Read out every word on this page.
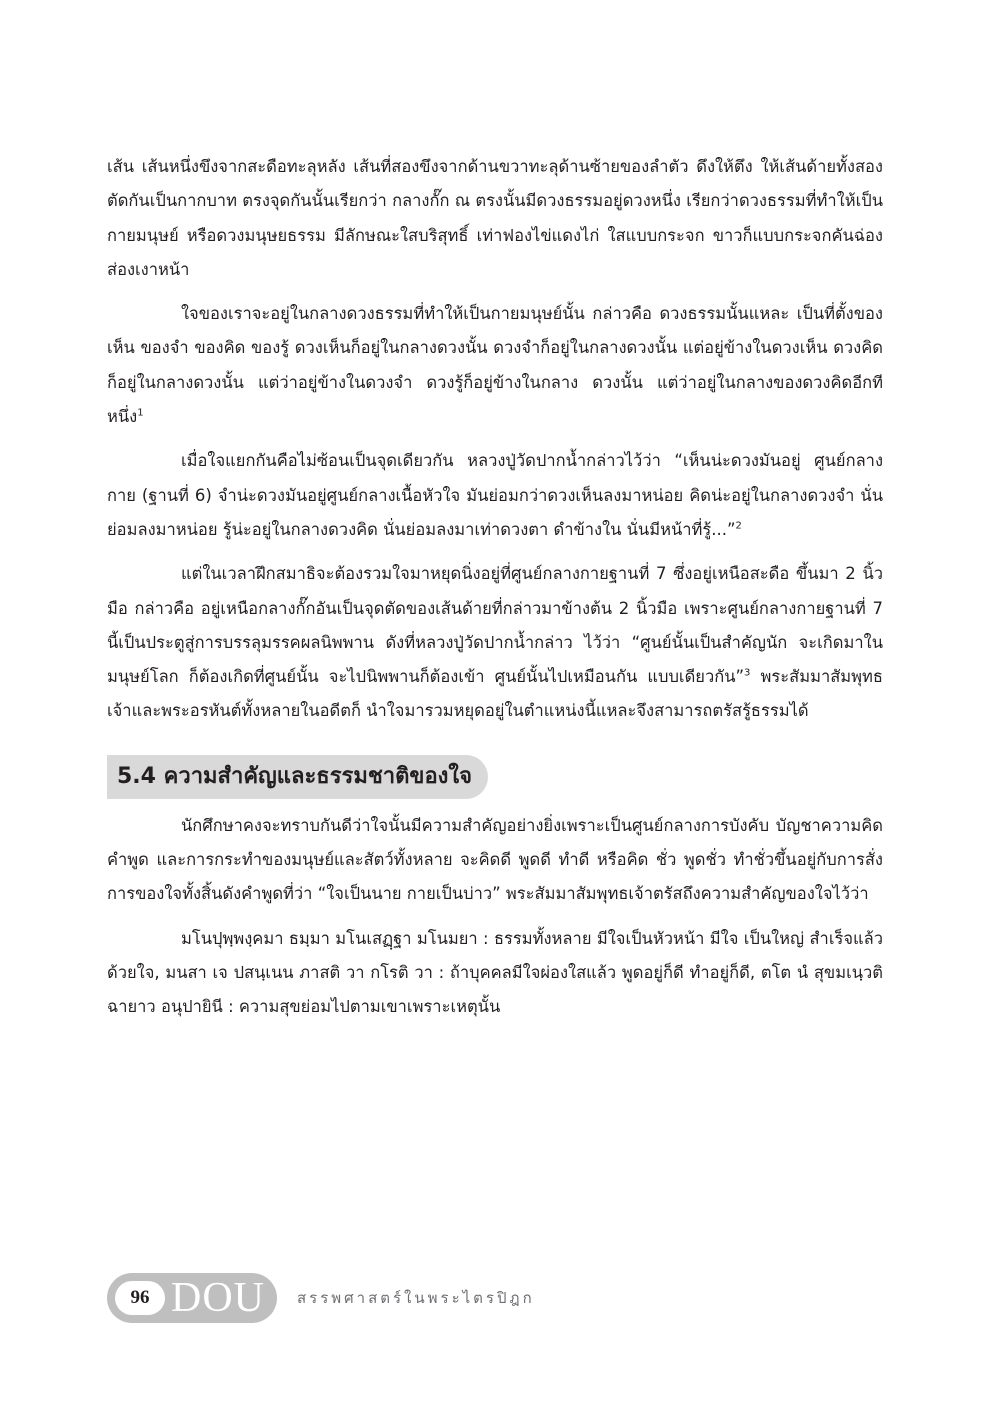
เส้น เส้นหนึ่งขึงจากสะดือทะลุหลัง เส้นที่สองขึงจากด้านขวาทะลุด้านซ้ายของลำตัว ดึงให้ตึง ให้เส้นด้ายทั้งสองตัดกันเป็นกากบาท ตรงจุดกันนั้นเรียกว่า กลางกั๊ก ณ ตรงนั้นมีดวงธรรมอยู่ดวงหนึ่ง เรียกว่าดวงธรรมที่ทำให้เป็นกายมนุษย์ หรือดวงมนุษยธรรม มีลักษณะใสบริสุทธิ์ เท่าฟองไข่แดงไก่ ใสแบบกระจก ขาวก็แบบกระจกคันฉ่องส่องเงาหน้า

ใจของเราจะอยู่ในกลางดวงธรรมที่ทำให้เป็นกายมนุษย์นั้น กล่าวคือ ดวงธรรมนั้นแหละ เป็นที่ตั้งของเห็น ของจำ ของคิด ของรู้ ดวงเห็นก็อยู่ในกลางดวงนั้น ดวงจำก็อยู่ในกลางดวงนั้น แต่อยู่ข้างในดวงเห็น ดวงคิดก็อยู่ในกลางดวงนั้น แต่ว่าอยู่ข้างในดวงจำ ดวงรู้ก็อยู่ข้างในกลาง ดวงนั้น แต่ว่าอยู่ในกลางของดวงคิดอีกทีหนึ่ง$^1$

เมื่อใจแยกกันคือไม่ซ้อนเป็นจุดเดียวกัน หลวงปู่วัดปากน้ำกล่าวไว้ว่า “เห็นน่ะดวงมันอยู่ ศูนย์กลางกาย (ฐานที่ 6) จำน่ะดวงมันอยู่ศูนย์กลางเนื้อหัวใจ มันย่อมกว่าดวงเห็นลงมาหน่อย คิดน่ะอยู่ในกลางดวงจำ นั่นย่อมลงมาหน่อย รู้น่ะอยู่ในกลางดวงคิด นั่นย่อมลงมาเท่าดวงตา ดำข้างใน นั่นมีหน้าที่รู้...”$^2$

แต่ในเวลาฝึกสมาธิจะต้องรวมใจมาหยุดนิ่งอยู่ที่ศูนย์กลางกายฐานที่ 7 ซึ่งอยู่เหนือสะดือ ขึ้นมา 2 นิ้วมือ กล่าวคือ อยู่เหนือกลางกั๊กอันเป็นจุดตัดของเส้นด้ายที่กล่าวมาข้างต้น 2 นิ้วมือ เพราะศูนย์กลางกายฐานที่ 7 นี้เป็นประตูสู่การบรรลุมรรคผลนิพพาน ดังที่หลวงปู่วัดปากน้ำกล่าว ไว้ว่า “ศูนย์นั้นเป็นสำคัญนัก จะเกิดมาในมนุษย์โลก ก็ต้องเกิดที่ศูนย์นั้น จะไปนิพพานก็ต้องเข้า ศูนย์นั้นไปเหมือนกัน แบบเดียวกัน”$^3$ พระสัมมาสัมพุทธเจ้าและพระอรหันต์ทั้งหลายในอดีตก็ นำใจมารวมหยุดอยู่ในตำแหน่งนี้แหละจึงสามารถตรัสรู้ธรรมได้

5.4 ความสำคัญและธรรมชาติของใจ

นักศึกษาคงจะทราบกันดีว่าใจนั้นมีความสำคัญอย่างยิ่งเพราะเป็นศูนย์กลางการบังคับ บัญชาความคิดคำพูด และการกระทำของมนุษย์และสัตว์ทั้งหลาย จะคิดดี พูดดี ทำดี หรือคิด ชั่ว พูดชั่ว ทำชั่วขึ้นอยู่กับการสั่งการของใจทั้งสิ้นดังคำพูดที่ว่า “ใจเป็นนาย กายเป็นบ่าว” พระสัมมาสัมพุทธเจ้าตรัสถึงความสำคัญของใจไว้ว่า

มโนปุพฺพงฺคมา ธมฺมา มโนเสฏฺฐา มโนมยา : ธรรมทั้งหลาย มีใจเป็นหัวหน้า มีใจ เป็นใหญ่ สำเร็จแล้วด้วยใจ, มนสา เจ ปสนฺเนน ภาสติ วา กโรติ วา : ถ้าบุคคลมีใจผ่องใสแล้ว พูดอยู่ก็ดี ทำอยู่ก็ดี, ตโต นํ สุขมเนฺวติ ฉายาว อนุปายินี : ความสุขย่อมไปตามเขาเพราะเหตุนั้น

96 DOU สรรพศาสตร์ในพระไตรปิฎก
